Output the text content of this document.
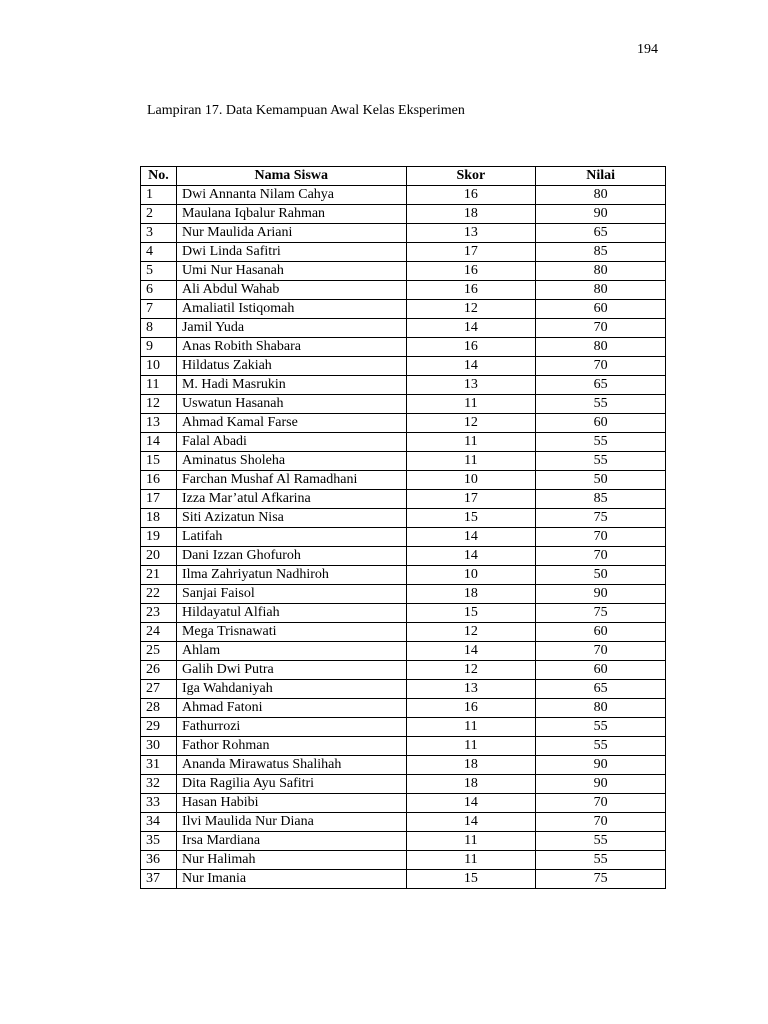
194
Lampiran 17. Data Kemampuan Awal Kelas Eksperimen
No.	Nama Siswa	Skor	Nilai
1	Dwi Annanta Nilam Cahya	16	80
2	Maulana Iqbalur Rahman	18	90
3	Nur Maulida Ariani	13	65
4	Dwi Linda Safitri	17	85
5	Umi Nur Hasanah	16	80
6	Ali Abdul Wahab	16	80
7	Amaliatil Istiqomah	12	60
8	Jamil Yuda	14	70
9	Anas Robith Shabara	16	80
10	Hildatus Zakiah	14	70
11	M. Hadi Masrukin	13	65
12	Uswatun Hasanah	11	55
13	Ahmad Kamal Farse	12	60
14	Falal Abadi	11	55
15	Aminatus Sholeha	11	55
16	Farchan Mushaf Al Ramadhani	10	50
17	Izza Mar’atul Afkarina	17	85
18	Siti Azizatun Nisa	15	75
19	Latifah	14	70
20	Dani Izzan Ghofuroh	14	70
21	Ilma Zahriyatun Nadhiroh	10	50
22	Sanjai Faisol	18	90
23	Hildayatul Alfiah	15	75
24	Mega Trisnawati	12	60
25	Ahlam	14	70
26	Galih Dwi Putra	12	60
27	Iga Wahdaniyah	13	65
28	Ahmad Fatoni	16	80
29	Fathurrozi	11	55
30	Fathor Rohman	11	55
31	Ananda Mirawatus Shalihah	18	90
32	Dita Ragilia Ayu Safitri	18	90
33	Hasan Habibi	14	70
34	Ilvi Maulida Nur Diana	14	70
35	Irsa Mardiana	11	55
36	Nur Halimah	11	55
37	Nur Imania	15	75
